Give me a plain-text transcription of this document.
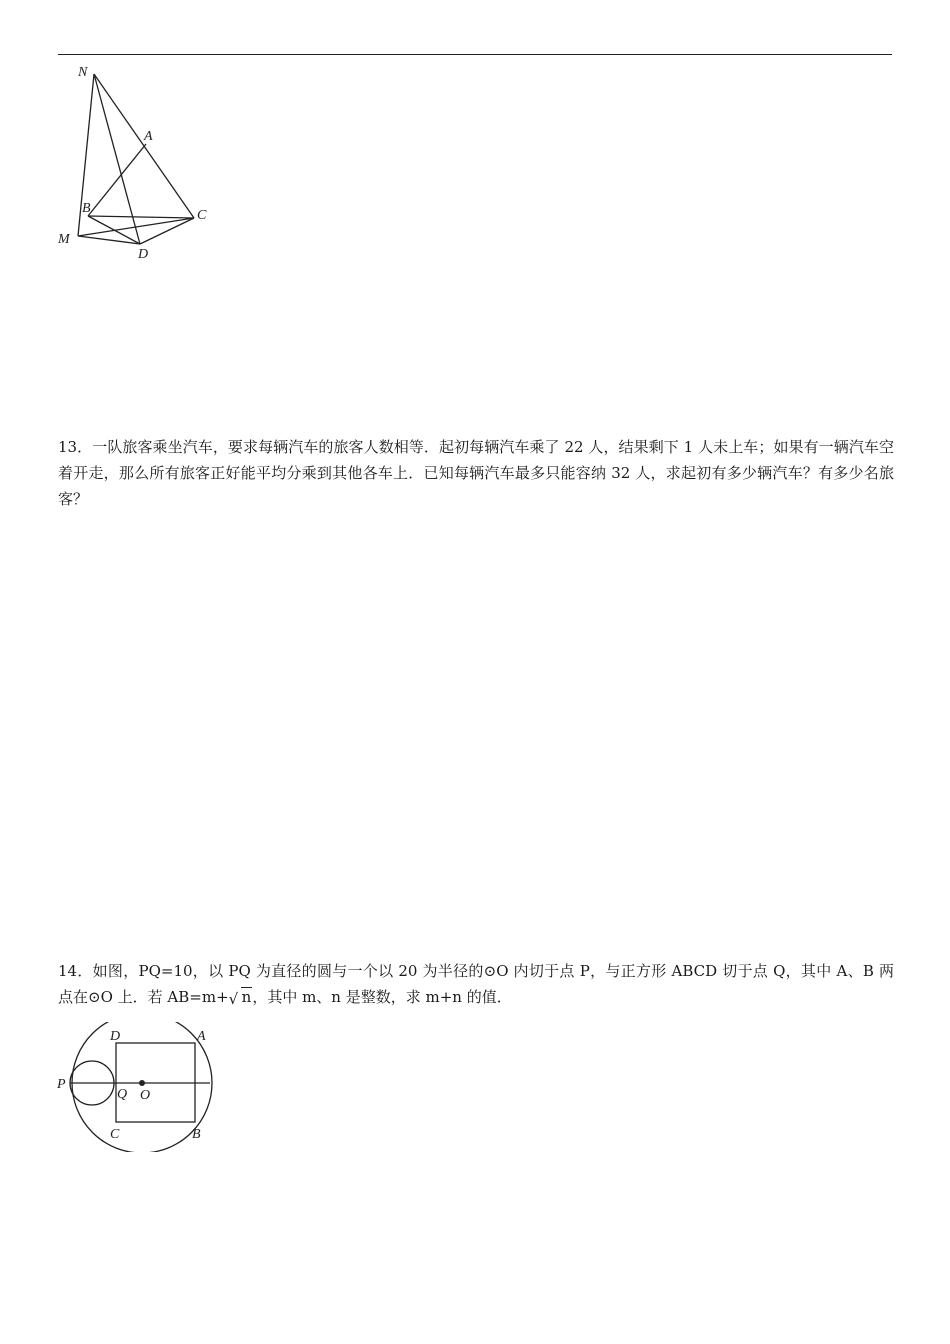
N
A
B	C
M
D
13．一队旅客乘坐汽车，要求每辆汽车的旅客人数相等．起初每辆汽车乘了 22 人，结果剩下 1 人未上车；如果有一辆汽车空着开走，那么所有旅客正好能平均分乘到其他各车上．已知每辆汽车最多只能容纳 32 人，求起初有多少辆汽车？有多少名旅客？
14．如图，PQ=10，以 PQ 为直径的圆与一个以 20 为半径的⊙O 内切于点 P，与正方形 ABCD 切于点 Q，其中 A、B 两点在⊙O 上．若 AB=m+ √ n，其中 m、n 是整数，求 m+n 的值．
D	A
P
Q O
C	B
